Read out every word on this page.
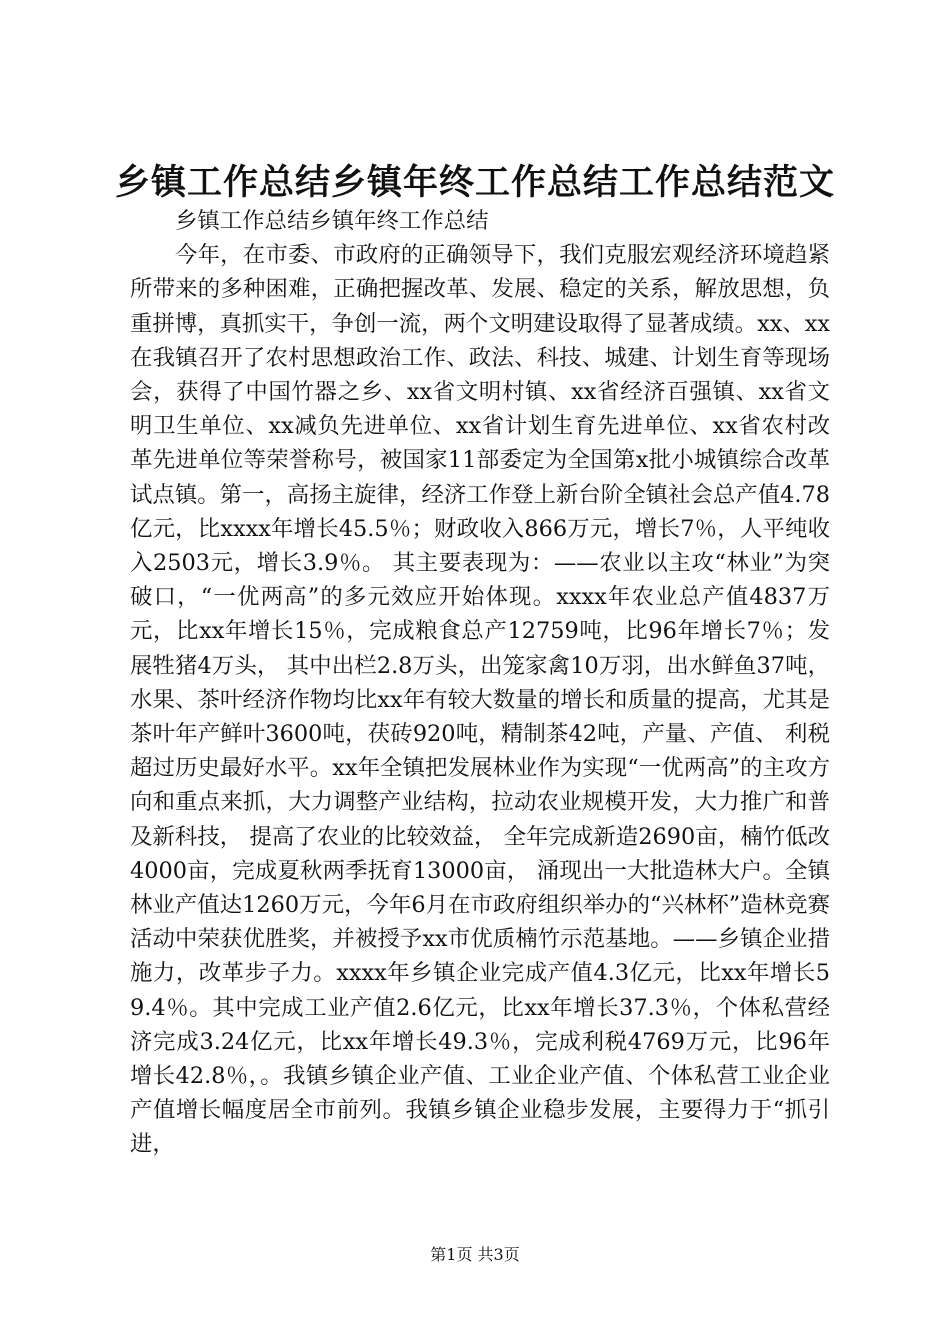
乡镇工作总结乡镇年终工作总结工作总结范文

乡镇工作总结乡镇年终工作总结

今年，在市委、市政府的正确领导下，我们克服宏观经济环境趋紧所带来的多种困难，正确把握改革、发展、稳定的关系，解放思想，负重拼博，真抓实干，争创一流，两个文明建设取得了显著成绩。xx、xx在我镇召开了农村思想政治工作、政法、科技、城建、计划生育等现场会，获得了中国竹器之乡、xx省文明村镇、xx省经济百强镇、xx省文明卫生单位、xx减负先进单位、xx省计划生育先进单位、xx省农村改革先进单位等荣誉称号，被国家11部委定为全国第x批小城镇综合改革试点镇。第一，高扬主旋律，经济工作登上新台阶全镇社会总产值4.78亿元，比xxxx年增长45.5％；财政收入866万元，增长7％，人平纯收入2503元，增长3.9％。 其主要表现为：——农业以主攻“林业”为突破口，“一优两高”的多元效应开始体现。xxxx年农业总产值4837万元，比xx年增长15％，完成粮食总产12759吨，比96年增长7％；发展牲猪4万头， 其中出栏2.8万头，出笼家禽10万羽，出水鲜鱼37吨，水果、茶叶经济作物均比xx年有较大数量的增长和质量的提高，尤其是茶叶年产鲜叶3600吨，茯砖920吨，精制茶42吨，产量、产值、 利税超过历史最好水平。xx年全镇把发展林业作为实现“一优两高”的主攻方向和重点来抓，大力调整产业结构，拉动农业规模开发，大力推广和普及新科技， 提高了农业的比较效益， 全年完成新造2690亩，楠竹低改4000亩，完成夏秋两季抚育13000亩， 涌现出一大批造林大户。全镇林业产值达1260万元，今年6月在市政府组织举办的“兴林杯”造林竞赛活动中荣获优胜奖，并被授予xx市优质楠竹示范基地。——乡镇企业措施力，改革步子力。xxxx年乡镇企业完成产值4.3亿元，比xx年增长59.4％。其中完成工业产值2.6亿元，比xx年增长37.3％，个体私营经济完成3.24亿元，比xx年增长49.3％，完成利税4769万元，比96年增长42.8％，。我镇乡镇企业产值、工业企业产值、个体私营工业企业产值增长幅度居全市前列。我镇乡镇企业稳步发展，主要得力于“抓引进，

第1页 共3页
